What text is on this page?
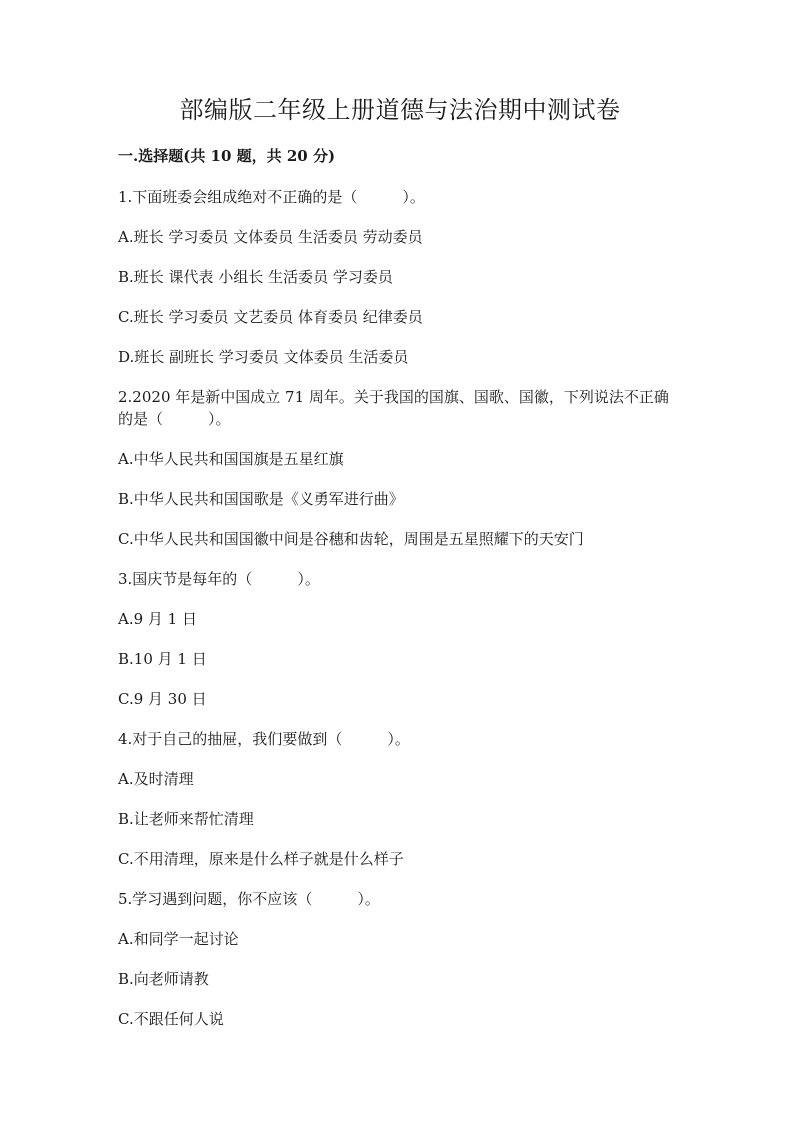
部编版二年级上册道德与法治期中测试卷
一.选择题(共 10 题，共 20 分)

1.下面班委会组成绝对不正确的是（　　　）。

A.班长 学习委员 文体委员 生活委员 劳动委员

B.班长 课代表 小组长 生活委员 学习委员

C.班长 学习委员 文艺委员 体育委员 纪律委员

D.班长 副班长 学习委员 文体委员 生活委员

2.2020 年是新中国成立 71 周年。关于我国的国旗、国歌、国徽，下列说法不正确的是（　　　）。

A.中华人民共和国国旗是五星红旗

B.中华人民共和国国歌是《义勇军进行曲》

C.中华人民共和国国徽中间是谷穗和齿轮，周围是五星照耀下的天安门

3.国庆节是每年的（　　　）。

A.9 月 1 日

B.10 月 1 日

C.9 月 30 日

4.对于自己的抽屉，我们要做到（　　　）。

A.及时清理

B.让老师来帮忙清理

C.不用清理，原来是什么样子就是什么样子

5.学习遇到问题，你不应该（　　　）。

A.和同学一起讨论

B.向老师请教

C.不跟任何人说
